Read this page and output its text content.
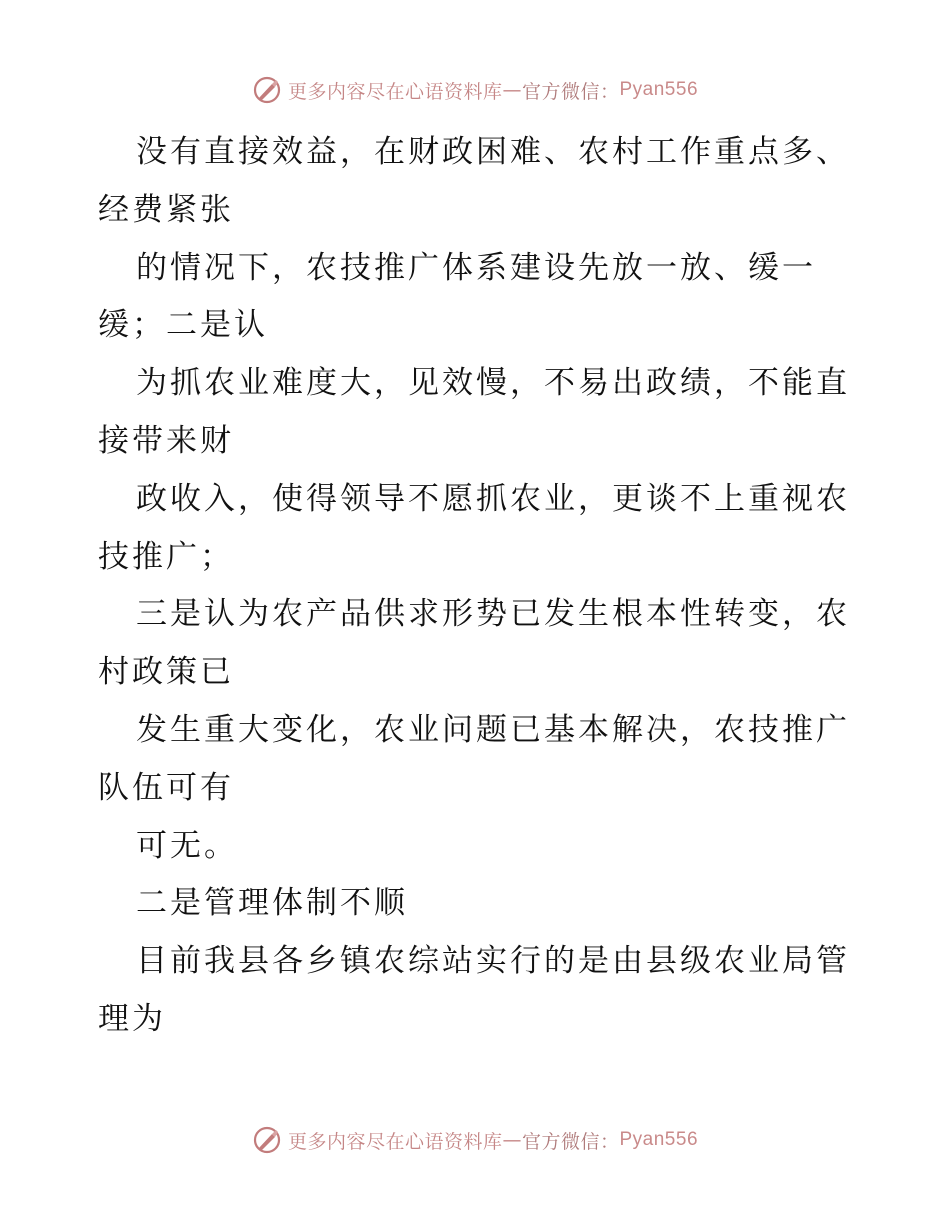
更多内容尽在心语资料库 — 官方微信： Pyan556
没有直接效益，在财政困难、农村工作重点多、
经费紧张
的情况下，农技推广体系建设先放一放、缓一
缓；二是认
为抓农业难度大，见效慢，不易出政绩，不能直
接带来财
政收入，使得领导不愿抓农业，更谈不上重视农
技推广；
三是认为农产品供求形势已发生根本性转变，农
村政策已
发生重大变化，农业问题已基本解决，农技推广
队伍可有
可无。
二是管理体制不顺
目前我县各乡镇农综站实行的是由县级农业局管
理为
更多内容尽在心语资料库 — 官方微信： Pyan556
